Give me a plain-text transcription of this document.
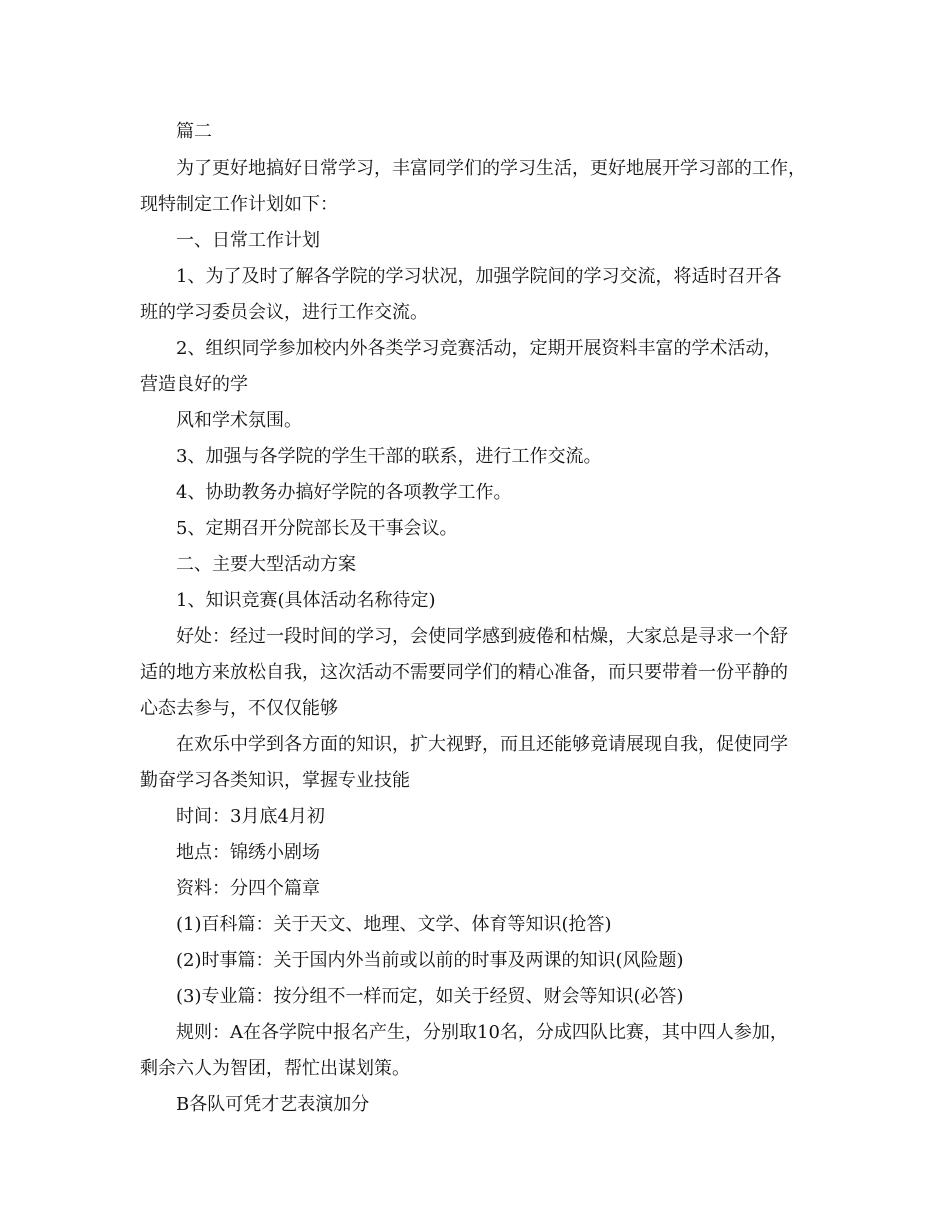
篇二
为了更好地搞好日常学习，丰富同学们的学习生活，更好地展开学习部的工作，
现特制定工作计划如下：
一、日常工作计划
1、为了及时了解各学院的学习状况，加强学院间的学习交流，将适时召开各
班的学习委员会议，进行工作交流。
2、组织同学参加校内外各类学习竞赛活动，定期开展资料丰富的学术活动，
营造良好的学
风和学术氛围。
3、加强与各学院的学生干部的联系，进行工作交流。
4、协助教务办搞好学院的各项教学工作。
5、定期召开分院部长及干事会议。
二、主要大型活动方案
1、知识竞赛(具体活动名称待定)
好处：经过一段时间的学习，会使同学感到疲倦和枯燥，大家总是寻求一个舒
适的地方来放松自我，这次活动不需要同学们的精心准备，而只要带着一份平静的
心态去参与，不仅仅能够
在欢乐中学到各方面的知识，扩大视野，而且还能够竟请展现自我，促使同学
勤奋学习各类知识，掌握专业技能
时间：3月底4月初
地点：锦绣小剧场
资料：分四个篇章
(1)百科篇：关于天文、地理、文学、体育等知识(抢答)
(2)时事篇：关于国内外当前或以前的时事及两课的知识(风险题)
(3)专业篇：按分组不一样而定，如关于经贸、财会等知识(必答)
规则：A在各学院中报名产生，分别取10名，分成四队比赛，其中四人参加，
剩余六人为智团，帮忙出谋划策。
B各队可凭才艺表演加分
